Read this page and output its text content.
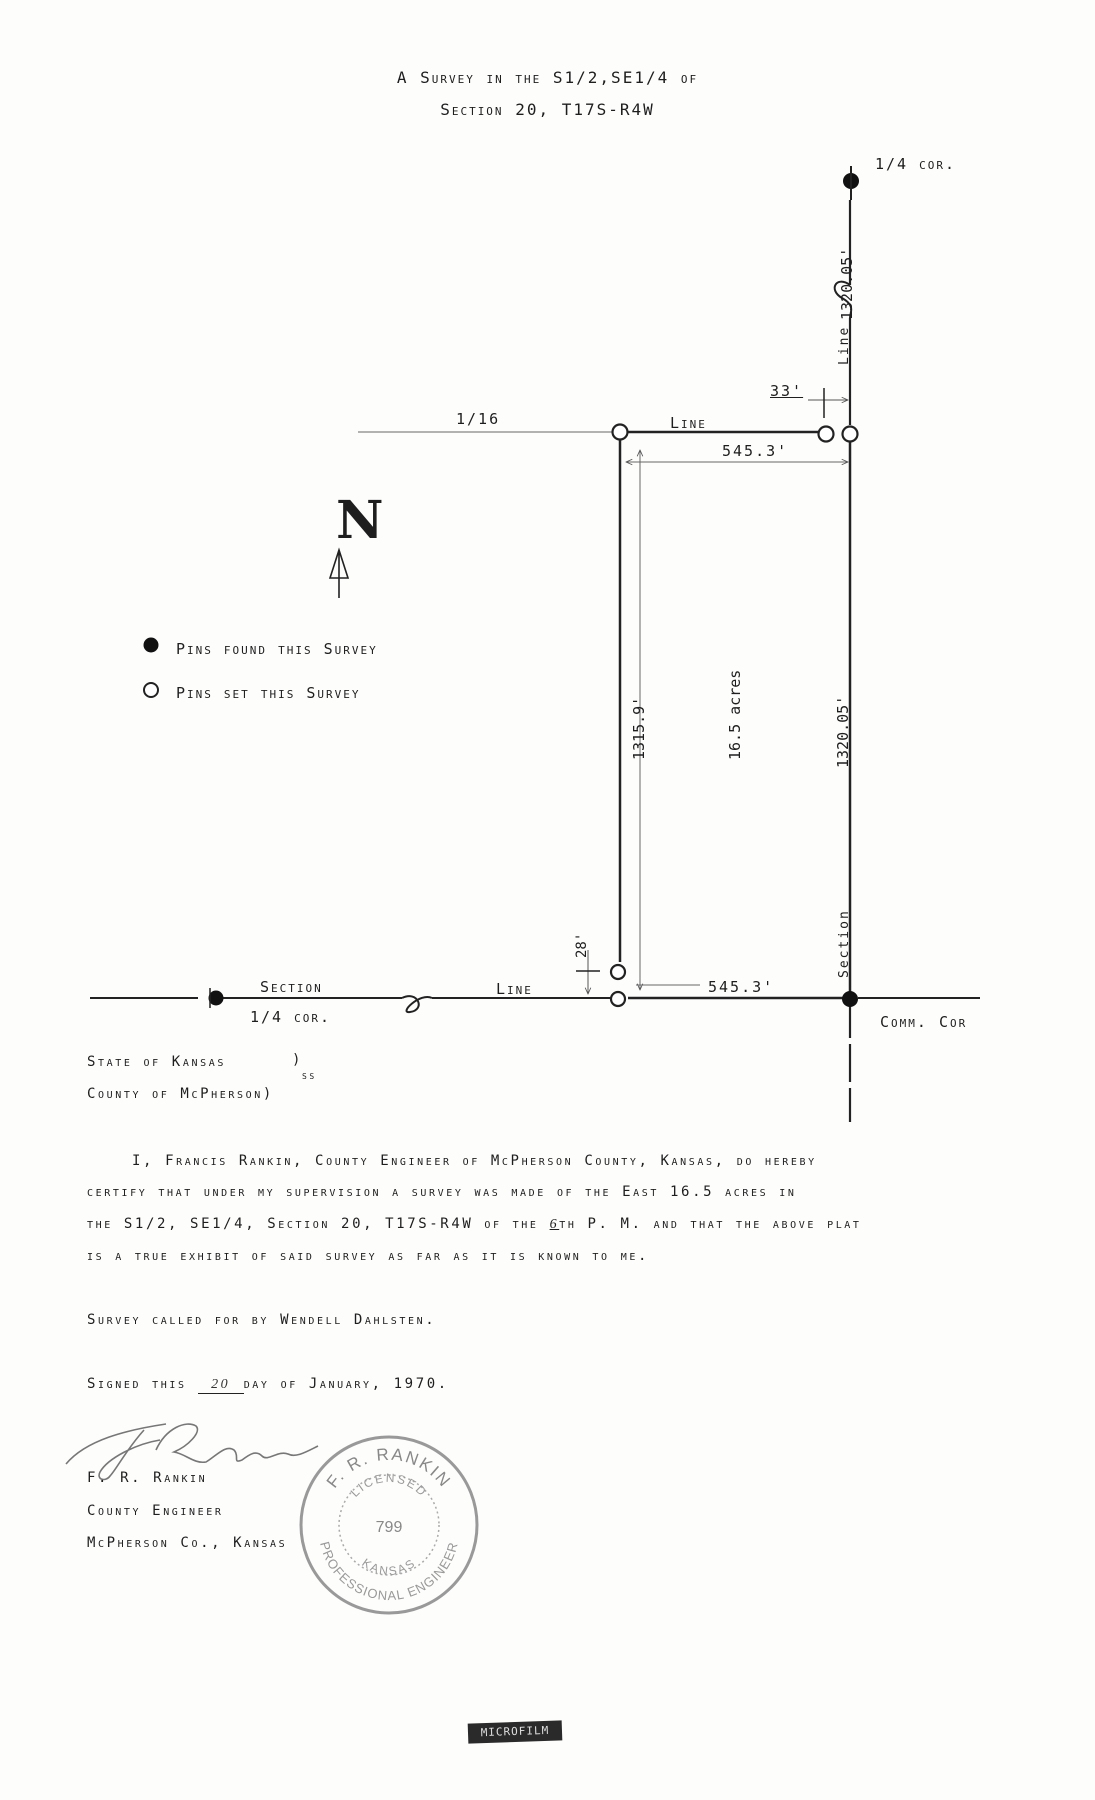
A Survey in the S1/2,SE1/4 of
Section 20, T17S-R4W
N
1320.05'
Line
1315.9'	16.5 acres	1320.05'
Section
28'
1/4 cor.
33'
1/16	Line
545.3'
Pins found this Survey
Pins set this Survey
Section	Line	545.3'
1/4 cor.	Comm. Cor
State of Kansas	)
ss
County of McPherson)
I, Francis Rankin, County Engineer of McPherson County, Kansas, do hereby
certify that under my supervision a survey was made of the East 16.5 acres in
the S1/2, SE1/4, Section 20, T17S-R4W of the 6th P. M. and that the above plat
is a true exhibit of said survey as far as it is known to me.
Survey called for by Wendell Dahlsten.
Signed this 20 day of January, 1970.
F. R. Rankin
County Engineer
McPherson Co., Kansas
F. R. RANKIN
PROFESSIONAL ENGINEER
LICENSED
799
KANSAS
MICROFILM
